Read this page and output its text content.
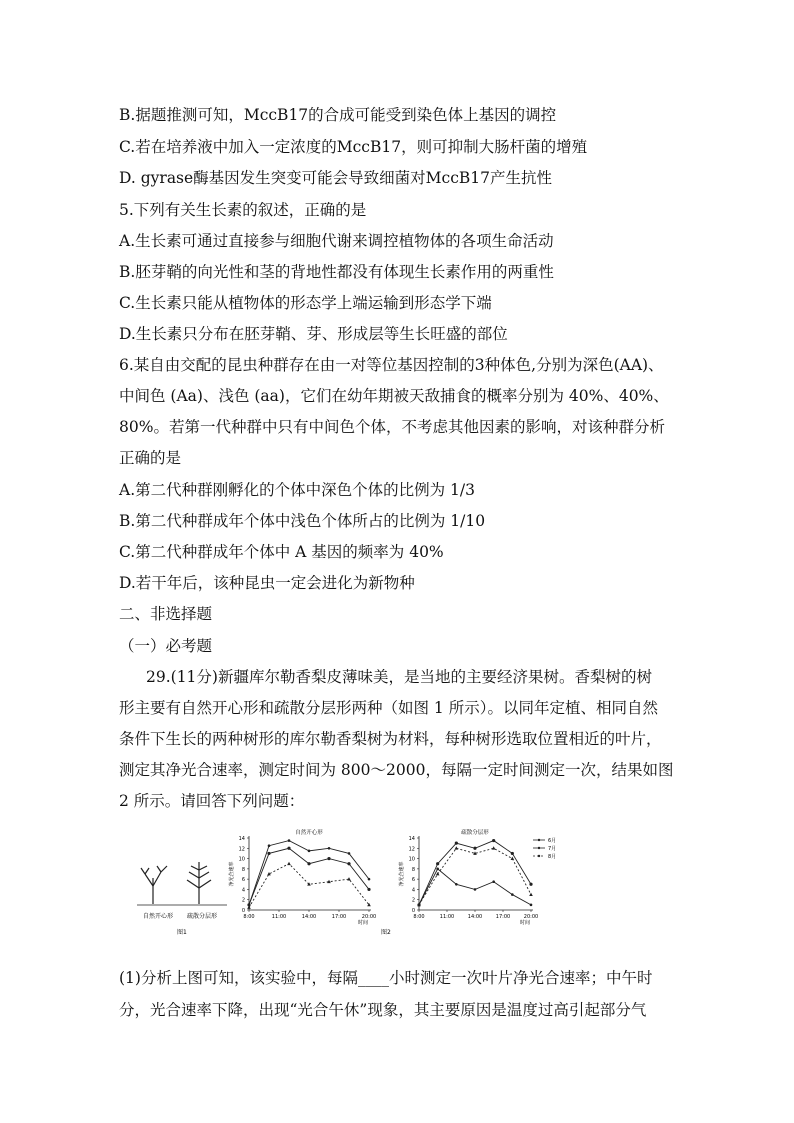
B.据题推测可知，MccB17的合成可能受到染色体上基因的调控
C.若在培养液中加入一定浓度的MccB17，则可抑制大肠杆菌的增殖
D. gyrase酶基因发生突变可能会导致细菌对MccB17产生抗性
5.下列有关生长素的叙述，正确的是
A.生长素可通过直接参与细胞代谢来调控植物体的各项生命活动
B.胚芽鞘的向光性和茎的背地性都没有体现生长素作用的两重性
C.生长素只能从植物体的形态学上端运输到形态学下端
D.生长素只分布在胚芽鞘、芽、形成层等生长旺盛的部位
6.某自由交配的昆虫种群存在由一对等位基因控制的3种体色,分别为深色(AA)、
中间色 (Aa)、浅色 (aa)，它们在幼年期被天敌捕食的概率分别为 40%、40%、
80%。若第一代种群中只有中间色个体，不考虑其他因素的影响，对该种群分析
正确的是
A.第二代种群刚孵化的个体中深色个体的比例为 1/3
B.第二代种群成年个体中浅色个体所占的比例为 1/10
C.第二代种群成年个体中 A 基因的频率为 40%
D.若干年后，该种昆虫一定会进化为新物种
二、非选择题
（一）必考题
29.(11分)新疆库尔勒香梨皮薄味美，是当地的主要经济果树。香梨树的树
形主要有自然开心形和疏散分层形两种（如图 1 所示）。以同年定植、相同自然
条件下生长的两种树形的库尔勒香梨树为材料，每种树形选取位置相近的叶片，
测定其净光合速率，测定时间为 800～2000，每隔一定时间测定一次，结果如图
2 所示。请回答下列问题：
(1)分析上图可知，该实验中，每隔____小时测定一次叶片净光合速率；中午时
分，光合速率下降，出现“光合午休”现象，其主要原因是温度过高引起部分气
自然开心形 疏散分层形
图1	图2
0
2
4
6
8
10
12
14
8:00	11:00	14:00	17:00	20:00
自然开心形
时间
净光合速率
0
2
4
6
8
10
12
14
8:00	11:00	14:00	17:00	20:00
疏散分层形
时间
净光合速率
6月
7月
8月
